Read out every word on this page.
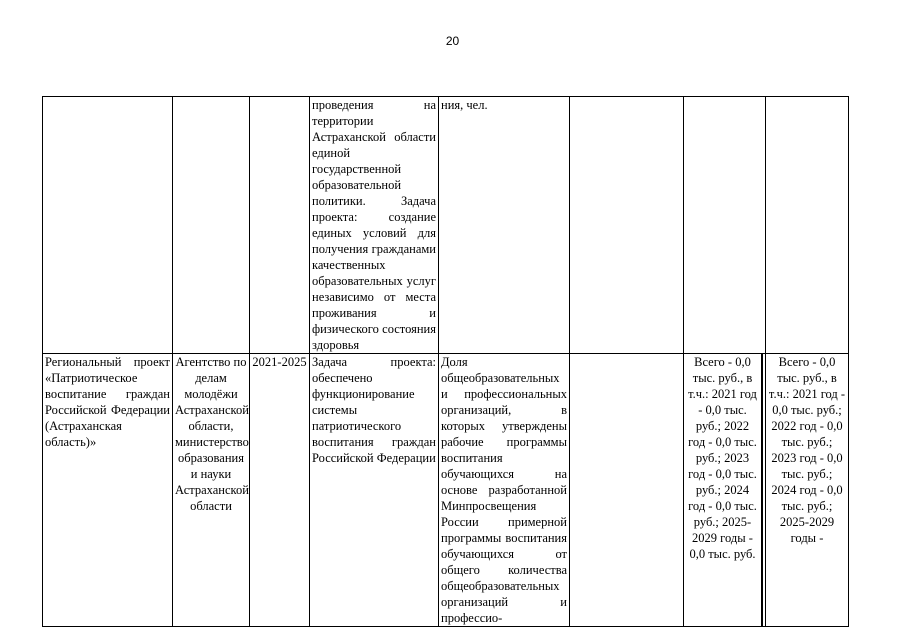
20
			проведения на территории Астраханской области единой государственной образовательной политики. Задача проекта: создание единых условий для получения гражданами качественных образовательных услуг независимо от места проживания и физического состояния здоровья	ния, чел.			
Региональный проект «Патриотическое воспитание граждан Российской Федерации (Астраханская область)»	Агентство по делам молодёжи Астраханской области, министерство образования и науки Астраханской области	2021-2025	Задача проекта: обеспечено функционирование системы патриотического воспитания граждан Российской Федерации	Доля общеобразовательных и профессиональных организаций, в которых утверждены рабочие программы воспитания обучающихся на основе разработанной Минпросвещения России примерной программы воспитания обучающихся от общего количества общеобразовательных организаций и профессио-		Всего - 0,0 тыс. руб., в т.ч.: 2021 год - 0,0 тыс. руб.; 2022 год - 0,0 тыс. руб.; 2023 год - 0,0 тыс. руб.; 2024 год - 0,0 тыс. руб.; 2025-2029 годы - 0,0 тыс. руб.	Всего - 0,0 тыс. руб., в т.ч.: 2021 год - 0,0 тыс. руб.; 2022 год - 0,0 тыс. руб.; 2023 год - 0,0 тыс. руб.; 2024 год - 0,0 тыс. руб.; 2025-2029 годы -
